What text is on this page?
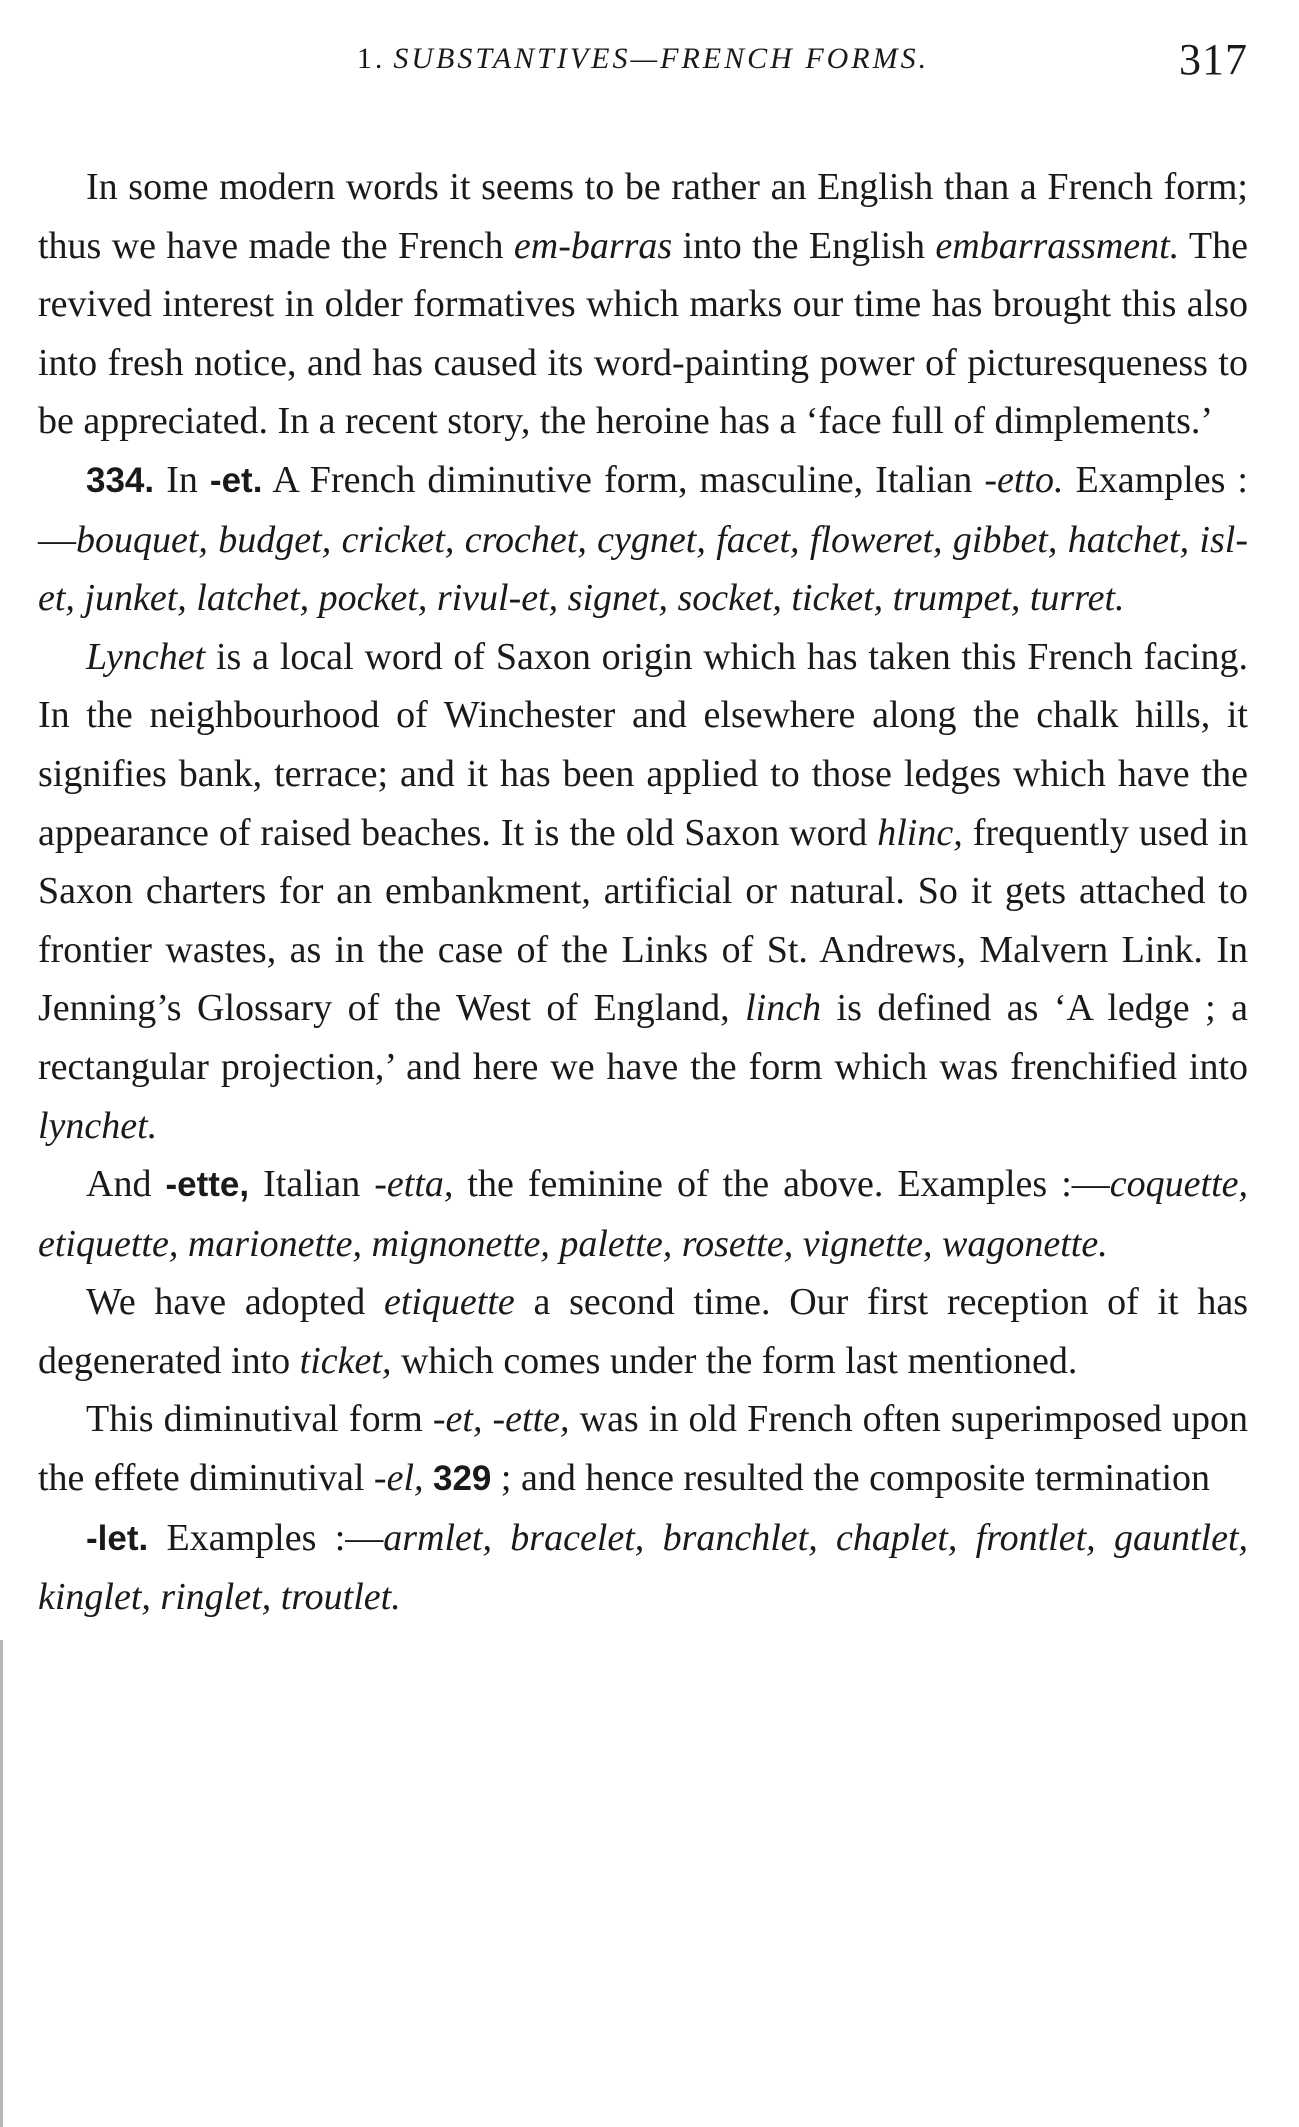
1. SUBSTANTIVES—FRENCH FORMS.	317

In some modern words it seems to be rather an English than a French form; thus we have made the French em-barras into the English embarrassment. The revived interest in older formatives which marks our time has brought this also into fresh notice, and has caused its word-painting power of picturesqueness to be appreciated. In a recent story, the heroine has a ‘face full of dimplements.’

334. In -et. A French diminutive form, masculine, Italian -etto. Examples :—bouquet, budget, cricket, crochet, cygnet, facet, floweret, gibbet, hatchet, isl-et, junket, latchet, pocket, rivul-et, signet, socket, ticket, trumpet, turret.

Lynchet is a local word of Saxon origin which has taken this French facing. In the neighbourhood of Winchester and elsewhere along the chalk hills, it signifies bank, terrace; and it has been applied to those ledges which have the appearance of raised beaches. It is the old Saxon word hlinc, frequently used in Saxon charters for an embankment, artificial or natural. So it gets attached to frontier wastes, as in the case of the Links of St. Andrews, Malvern Link. In Jenning’s Glossary of the West of England, linch is defined as ‘A ledge ; a rectangular projection,’ and here we have the form which was frenchified into lynchet.

And -ette, Italian -etta, the feminine of the above. Examples :—coquette, etiquette, marionette, mignonette, palette, rosette, vignette, wagonette.

We have adopted etiquette a second time. Our first reception of it has degenerated into ticket, which comes under the form last mentioned.

This diminutival form -et, -ette, was in old French often superimposed upon the effete diminutival -el, 329 ; and hence resulted the composite termination

-let. Examples :—armlet, bracelet, branchlet, chaplet, frontlet, gauntlet, kinglet, ringlet, troutlet.
